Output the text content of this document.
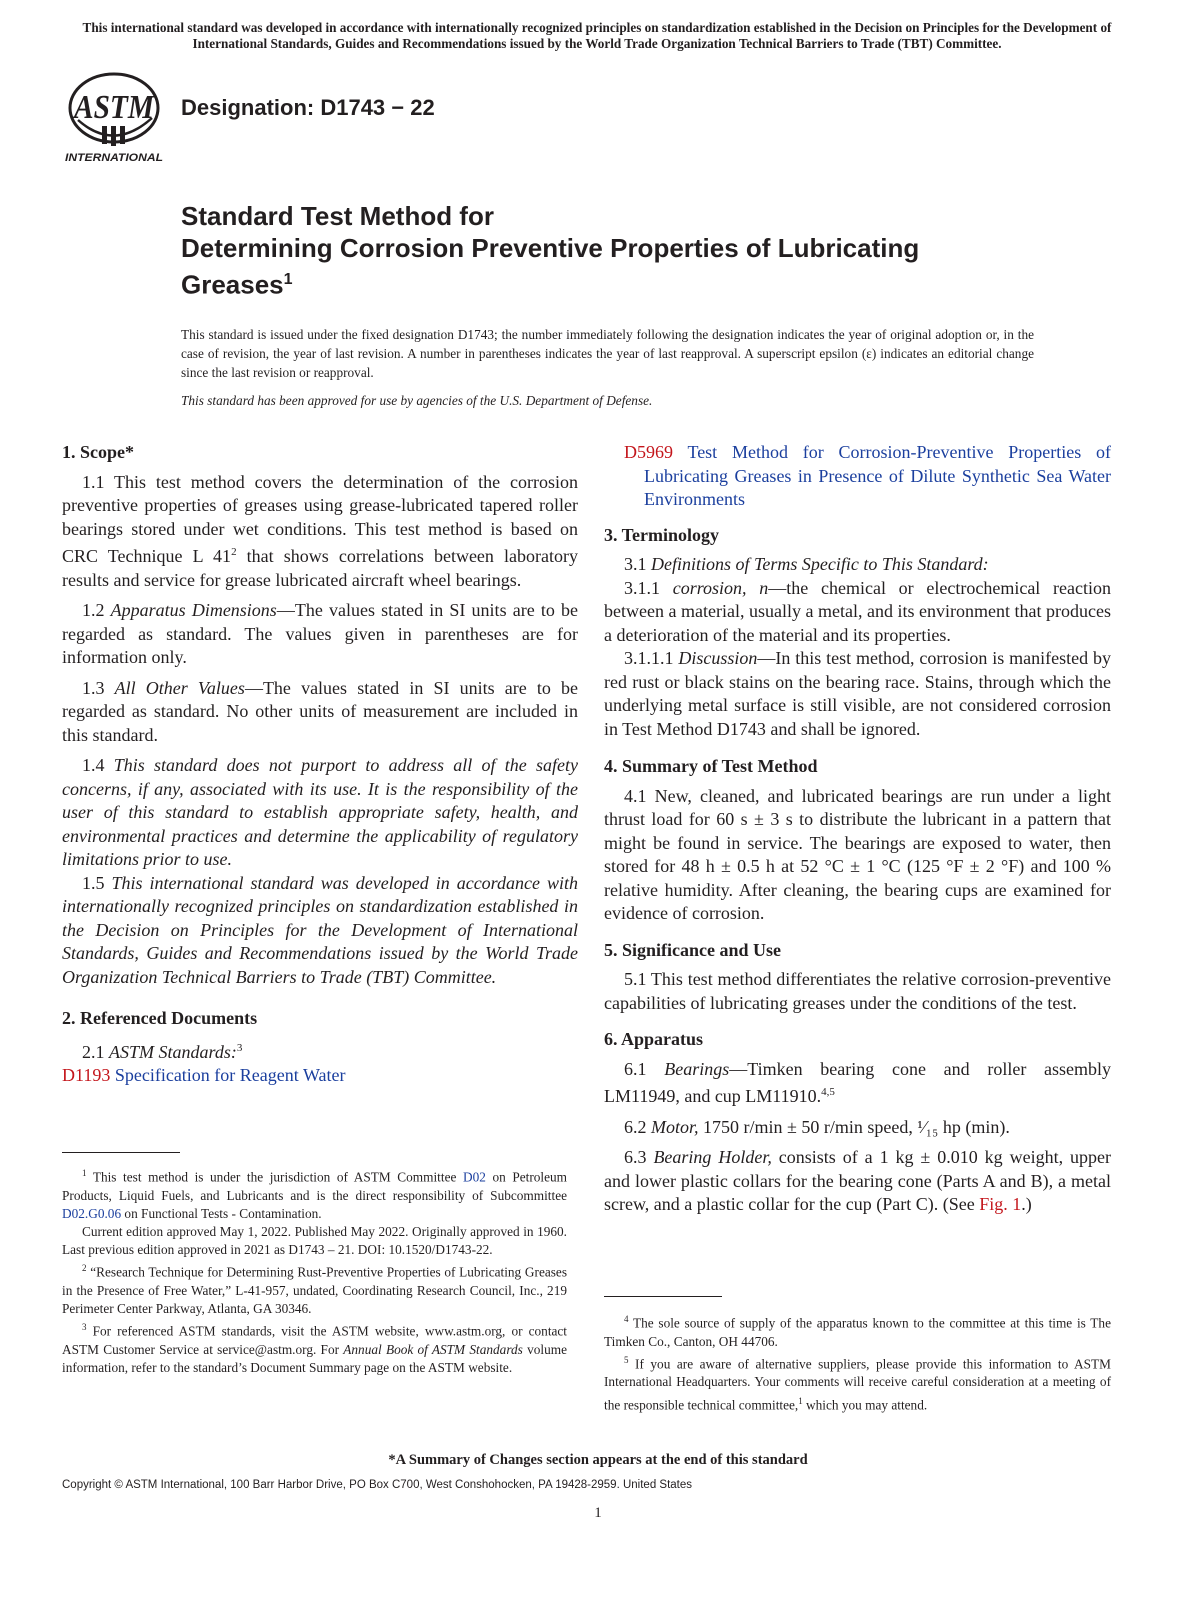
This international standard was developed in accordance with internationally recognized principles on standardization established in the Decision on Principles for the Development of International Standards, Guides and Recommendations issued by the World Trade Organization Technical Barriers to Trade (TBT) Committee.
ASTM
INTERNATIONAL
Designation: D1743 − 22
Standard Test Method for
Determining Corrosion Preventive Properties of Lubricating
Greases$^1$
This standard is issued under the fixed designation D1743; the number immediately following the designation indicates the year of original adoption or, in the case of revision, the year of last revision. A number in parentheses indicates the year of last reapproval. A superscript epsilon (ε) indicates an editorial change since the last revision or reapproval.
This standard has been approved for use by agencies of the U.S. Department of Defense.
1. Scope*

1.1 This test method covers the determination of the corrosion preventive properties of greases using grease-lubricated tapered roller bearings stored under wet conditions. This test method is based on CRC Technique L $41^2$ that shows correlations between laboratory results and service for grease lubricated aircraft wheel bearings.

1.2 Apparatus Dimensions—The values stated in SI units are to be regarded as standard. The values given in parentheses are for information only.

1.3 All Other Values—The values stated in SI units are to be regarded as standard. No other units of measurement are included in this standard.

1.4 This standard does not purport to address all of the safety concerns, if any, associated with its use. It is the responsibility of the user of this standard to establish appropriate safety, health, and environmental practices and determine the applicability of regulatory limitations prior to use.

1.5 This international standard was developed in accordance with internationally recognized principles on standardization established in the Decision on Principles for the Development of International Standards, Guides and Recommendations issued by the World Trade Organization Technical Barriers to Trade (TBT) Committee.

2. Referenced Documents

2.1 ASTM Standards:$^3$

D1193 Specification for Reagent Water

$^1$ This test method is under the jurisdiction of ASTM Committee D02 on Petroleum Products, Liquid Fuels, and Lubricants and is the direct responsibility of Subcommittee D02.G0.06 on Functional Tests - Contamination.

Current edition approved May 1, 2022. Published May 2022. Originally approved in 1960. Last previous edition approved in 2021 as D1743 – 21. DOI: 10.1520/D1743-22.

$^2$ “Research Technique for Determining Rust-Preventive Properties of Lubricating Greases in the Presence of Free Water,” L-41-957, undated, Coordinating Research Council, Inc., 219 Perimeter Center Parkway, Atlanta, GA 30346.

$^3$ For referenced ASTM standards, visit the ASTM website, www.astm.org, or contact ASTM Customer Service at service@astm.org. For Annual Book of ASTM Standards volume information, refer to the standard’s Document Summary page on the ASTM website.

D5969 Test Method for Corrosion-Preventive Properties of Lubricating Greases in Presence of Dilute Synthetic Sea Water Environments

3. Terminology

3.1 Definitions of Terms Specific to This Standard:

3.1.1 corrosion, n—the chemical or electrochemical reaction between a material, usually a metal, and its environment that produces a deterioration of the material and its properties.

3.1.1.1 Discussion—In this test method, corrosion is manifested by red rust or black stains on the bearing race. Stains, through which the underlying metal surface is still visible, are not considered corrosion in Test Method D1743 and shall be ignored.

4. Summary of Test Method

4.1 New, cleaned, and lubricated bearings are run under a light thrust load for 60 s ± 3 s to distribute the lubricant in a pattern that might be found in service. The bearings are exposed to water, then stored for 48 h ± 0.5 h at 52 °C ± 1 °C (125 °F ± 2 °F) and 100 % relative humidity. After cleaning, the bearing cups are examined for evidence of corrosion.

5. Significance and Use

5.1 This test method differentiates the relative corrosion-preventive capabilities of lubricating greases under the conditions of the test.

6. Apparatus

6.1 Bearings—Timken bearing cone and roller assembly LM11949, and cup LM11910.$^{4,5}$

6.2 Motor, 1750 r/min ± 50 r/min speed, ¹⁄₁₅ hp (min).

6.3 Bearing Holder, consists of a 1 kg ± 0.010 kg weight, upper and lower plastic collars for the bearing cone (Parts A and B), a metal screw, and a plastic collar for the cup (Part C). (See Fig. 1.)

$^4$ The sole source of supply of the apparatus known to the committee at this time is The Timken Co., Canton, OH 44706.

$^5$ If you are aware of alternative suppliers, please provide this information to ASTM International Headquarters. Your comments will receive careful consideration at a meeting of the responsible technical committee,$^1$ which you may attend.

*A Summary of Changes section appears at the end of this standard
Copyright © ASTM International, 100 Barr Harbor Drive, PO Box C700, West Conshohocken, PA 19428-2959. United States
1
